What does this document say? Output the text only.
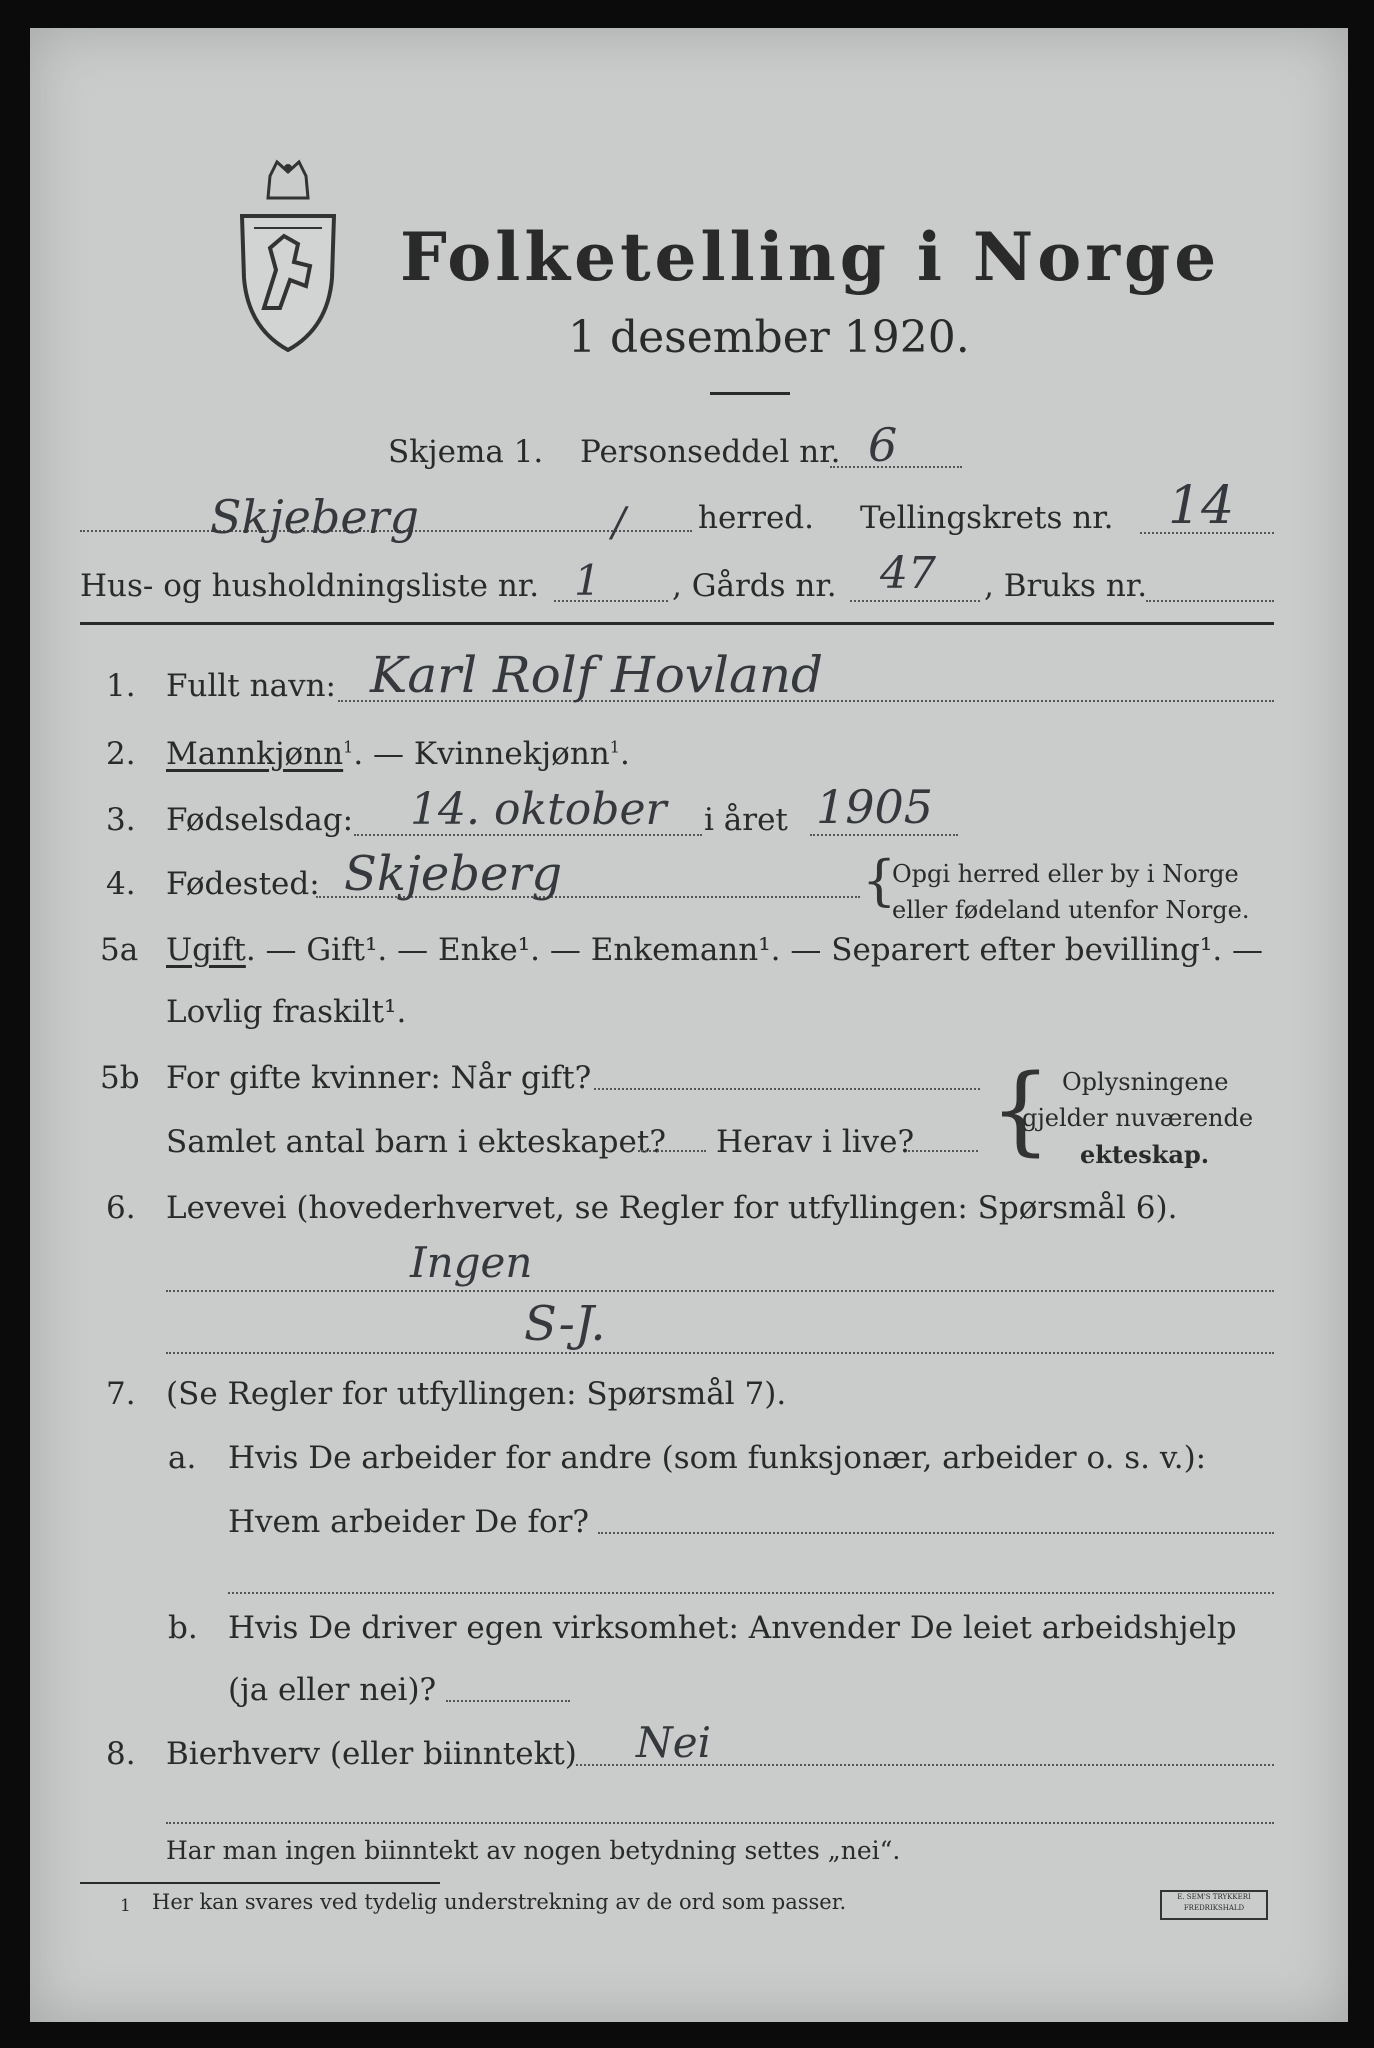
Folketelling i Norge
1 desember 1920.
Skjema 1. Personseddel nr. 6
Skjeberg	/ herred. Tellingskrets nr. 14
Hus- og husholdningsliste nr. 1 , Gårds nr. 47 , Bruks nr.
1. Fullt navn: Karl Rolf Hovland
2. Mannkjønn$^1$. — Kvinnekjønn$^1$.
3. Fødselsdag: 14. oktober i året 1905
4. Fødested: Skjeberg	{
Opgi herred eller by i Norge
eller fødeland utenfor Norge.
5a Ugift. — Gift¹. — Enke¹. — Enkemann¹. — Separert efter bevilling¹. —
Lovlig fraskilt¹.
5b For gifte kvinner: Når gift?
Samlet antal barn i ekteskapet? Herav i live? { Oplysningene
gjelder nuværende
ekteskap.
6. Levevei (hovederhvervet, se Regler for utfyllingen: Spørsmål 6).
Ingen
S-J.
7. (Se Regler for utfyllingen: Spørsmål 7).
a. Hvis De arbeider for andre (som funksjonær, arbeider o. s. v.):
Hvem arbeider De for?
b. Hvis De driver egen virksomhet: Anvender De leiet arbeidshjelp
(ja eller nei)?
8. Bierhverv (eller biinntekt) Nei
Har man ingen biinntekt av nogen betydning settes „nei“.
1 Her kan svares ved tydelig understrekning av de ord som passer.	E. SEM'S TRYKKERI FREDRIKSHALD
